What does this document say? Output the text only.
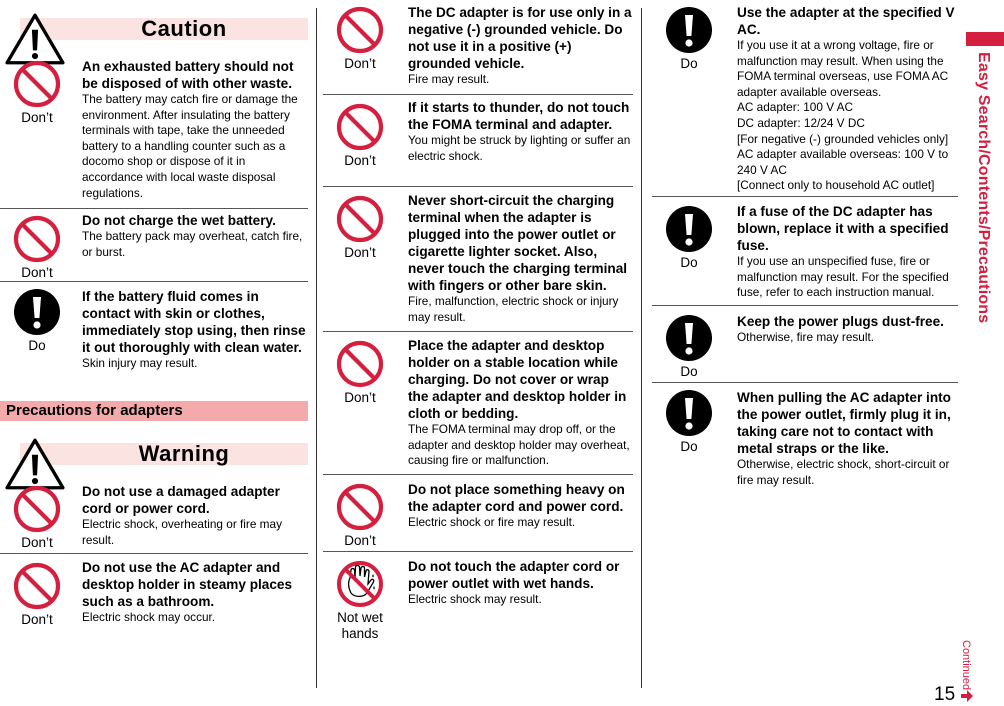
Caution
Don’t
An exhausted battery should not be disposed of with other waste.
The battery may catch fire or damage the environment. After insulating the battery terminals with tape, take the unneeded battery to a handling counter such as a docomo shop or dispose of it in accordance with local waste disposal regulations.
Don’t
Do not charge the wet battery.
The battery pack may overheat, catch fire, or burst.
Do
If the battery fluid comes in contact with skin or clothes, immediately stop using, then rinse it out thoroughly with clean water.
Skin injury may result.
Precautions for adapters
Warning
Don’t
Do not use a damaged adapter cord or power cord.
Electric shock, overheating or fire may result.
Don’t
Do not use the AC adapter and desktop holder in steamy places such as a bathroom.
Electric shock may occur.
Don’t
The DC adapter is for use only in a negative (-) grounded vehicle. Do not use it in a positive (+) grounded vehicle.
Fire may result.
Don’t
If it starts to thunder, do not touch the FOMA terminal and adapter.
You might be struck by lighting or suffer an electric shock.
Don’t
Never short-circuit the charging terminal when the adapter is plugged into the power outlet or cigarette lighter socket. Also, never touch the charging terminal with fingers or other bare skin.
Fire, malfunction, electric shock or injury may result.
Don’t
Place the adapter and desktop holder on a stable location while charging. Do not cover or wrap the adapter and desktop holder in cloth or bedding.
The FOMA terminal may drop off, or the adapter and desktop holder may overheat, causing fire or malfunction.
Don’t
Do not place something heavy on the adapter cord and power cord.
Electric shock or fire may result.
Not wet hands
Do not touch the adapter cord or power outlet with wet hands.
Electric shock may result.
Do
Use the adapter at the specified V AC.
If you use it at a wrong voltage, fire or malfunction may result. When using the FOMA terminal overseas, use FOMA AC adapter available overseas.
AC adapter: 100 V AC
DC adapter: 12/24 V DC
[For negative (-) grounded vehicles only]
AC adapter available overseas: 100 V to 240 V AC
[Connect only to household AC outlet]
Do
If a fuse of the DC adapter has blown, replace it with a specified fuse.
If you use an unspecified fuse, fire or malfunction may result. For the specified fuse, refer to each instruction manual.
Do
Keep the power plugs dust-free.
Otherwise, fire may result.
Do
When pulling the AC adapter into the power outlet, firmly plug it in, taking care not to contact with metal straps or the like.
Otherwise, electric shock, short-circuit or fire may result.
Easy Search/Contents/Precautions
Continued
15
